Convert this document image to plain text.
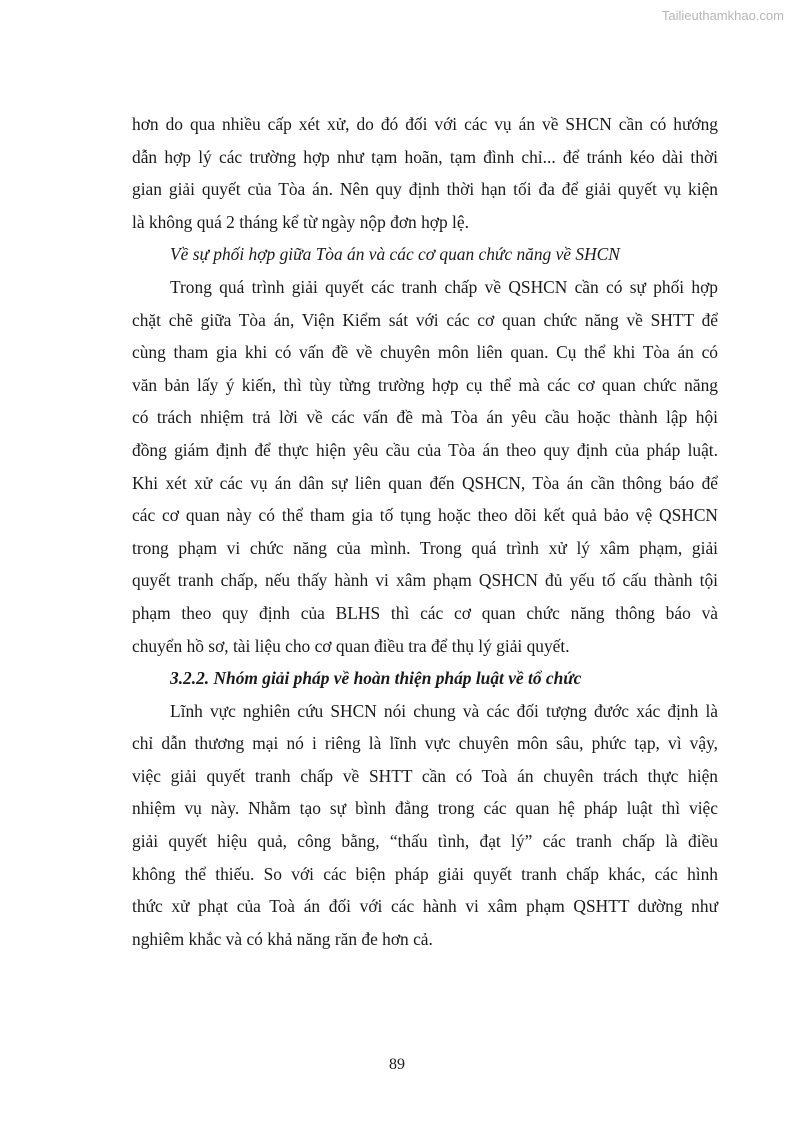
Tailieuthamkhao.com
hơn do qua nhiều cấp xét xử, do đó đối với các vụ án về SHCN cần có hướng
dẫn hợp lý các trường hợp như tạm hoãn, tạm đình chỉ... để tránh kéo dài thời
gian giải quyết của Tòa án. Nên quy định thời hạn tối đa để giải quyết vụ kiện
là không quá 2 tháng kể từ ngày nộp đơn hợp lệ.
Về sự phối hợp giữa Tòa án và các cơ quan chức năng về SHCN
Trong quá trình giải quyết các tranh chấp về QSHCN cần có sự phối hợp
chặt chẽ giữa Tòa án, Viện Kiểm sát với các cơ quan chức năng về SHTT để
cùng tham gia khi có vấn đề về chuyên môn liên quan. Cụ thể khi Tòa án có
văn bản lấy ý kiến, thì tùy từng trường hợp cụ thể mà các cơ quan chức năng
có trách nhiệm trả lời về các vấn đề mà Tòa án yêu cầu hoặc thành lập hội
đồng giám định để thực hiện yêu cầu của Tòa án theo quy định của pháp luật.
Khi xét xử các vụ án dân sự liên quan đến QSHCN, Tòa án cần thông báo để
các cơ quan này có thể tham gia tố tụng hoặc theo dõi kết quả bảo vệ QSHCN
trong phạm vi chức năng của mình. Trong quá trình xử lý xâm phạm, giải
quyết tranh chấp, nếu thấy hành vi xâm phạm QSHCN đủ yếu tố cấu thành tội
phạm theo quy định của BLHS thì các cơ quan chức năng thông báo và
chuyển hồ sơ, tài liệu cho cơ quan điều tra để thụ lý giải quyết.
3.2.2. Nhóm giải pháp về hoàn thiện pháp luật về tổ chức
Lĩnh vực nghiên cứu SHCN nói chung và các đối tượng đước xác định là
chỉ dẫn thương mại nó i riêng là lĩnh vực chuyên môn sâu, phức tạp, vì vậy,
việc giải quyết tranh chấp về SHTT cần có Toà án chuyên trách thực hiện
nhiệm vụ này. Nhằm tạo sự bình đẳng trong các quan hệ pháp luật thì việc
giải quyết hiệu quả, công bằng, “thấu tình, đạt lý” các tranh chấp là điều
không thể thiếu. So với các biện pháp giải quyết tranh chấp khác, các hình
thức xử phạt của Toà án đối với các hành vi xâm phạm QSHTT dường như
nghiêm khắc và có khả năng răn đe hơn cả.
89
